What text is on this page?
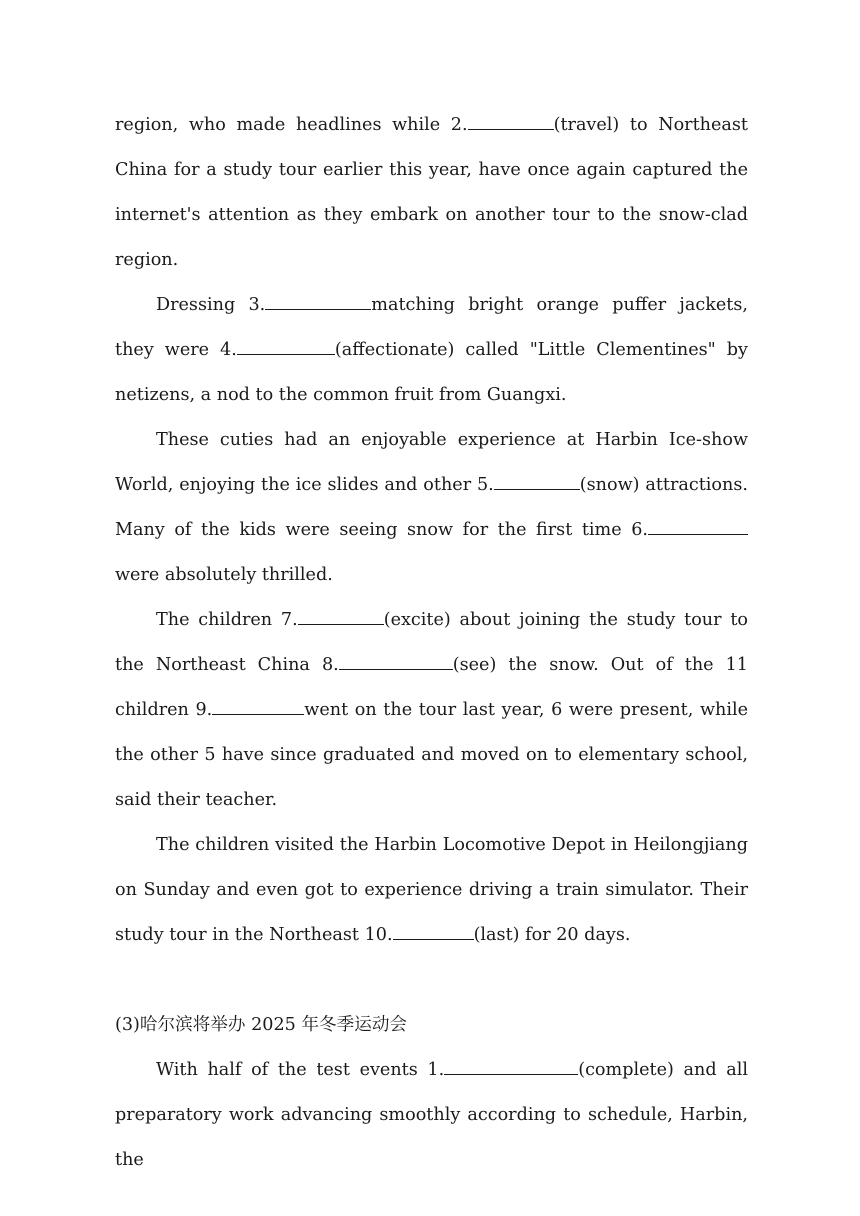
region, who made headlines while 2.	(travel) to Northeast China for a study tour earlier this year, have once again captured the internet's attention as they embark on another tour to the snow-clad region.

Dressing 3.	matching bright orange puffer jackets, they were 4.	(affectionate) called "Little Clementines" by netizens, a nod to the common fruit from Guangxi.

These cuties had an enjoyable experience at Harbin Ice-show World, enjoying the ice slides and other 5.	(snow) attractions. Many of the kids were seeing snow for the first time 6.were absolutely thrilled.

The children 7.	(excite) about joining the study tour to the Northeast China 8.	(see) the snow. Out of the 11 children 9.	went on the tour last year, 6 were present, while the other 5 have since graduated and moved on to elementary school, said their teacher.

The children visited the Harbin Locomotive Depot in Heilongjiang on Sunday and even got to experience driving a train simulator. Their study tour in the Northeast 10.	(last) for 20 days.

(3)哈尔滨将举办 2025 年冬季运动会

With half of the test events 1.	(complete) and all preparatory work advancing smoothly according to schedule, Harbin, the
